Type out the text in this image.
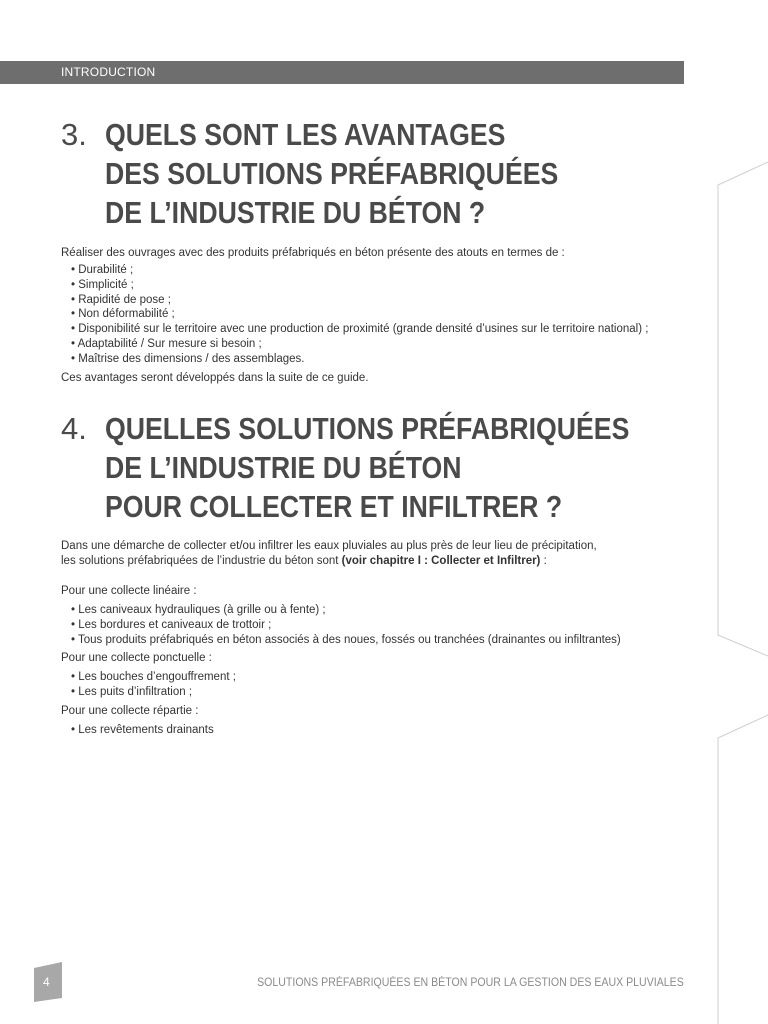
INTRODUCTION
3. QUELS SONT LES AVANTAGES
DES SOLUTIONS PRÉFABRIQUÉES
DE L’INDUSTRIE DU BÉTON ?
Réaliser des ouvrages avec des produits préfabriqués en béton présente des atouts en termes de :
• Durabilité ;
• Simplicité ;
• Rapidité de pose ;
• Non déformabilité ;
• Disponibilité sur le territoire avec une production de proximité (grande densité d’usines sur le territoire national) ;
• Adaptabilité / Sur mesure si besoin ;
• Maîtrise des dimensions / des assemblages.
Ces avantages seront développés dans la suite de ce guide.
4. QUELLES SOLUTIONS PRÉFABRIQUÉES
DE L’INDUSTRIE DU BÉTON
POUR COLLECTER ET INFILTRER ?
Dans une démarche de collecter et/ou infiltrer les eaux pluviales au plus près de leur lieu de précipitation,
les solutions préfabriquées de l’industrie du béton sont (voir chapitre I : Collecter et Infiltrer) :
Pour une collecte linéaire :
• Les caniveaux hydrauliques (à grille ou à fente) ;
• Les bordures et caniveaux de trottoir ;
• Tous produits préfabriqués en béton associés à des noues, fossés ou tranchées (drainantes ou infiltrantes)
Pour une collecte ponctuelle :
• Les bouches d’engouffrement ;
• Les puits d’infiltration ;
Pour une collecte répartie :
• Les revêtements drainants
4	SOLUTIONS PRÉFABRIQUÉES EN BÉTON POUR LA GESTION DES EAUX PLUVIALES
